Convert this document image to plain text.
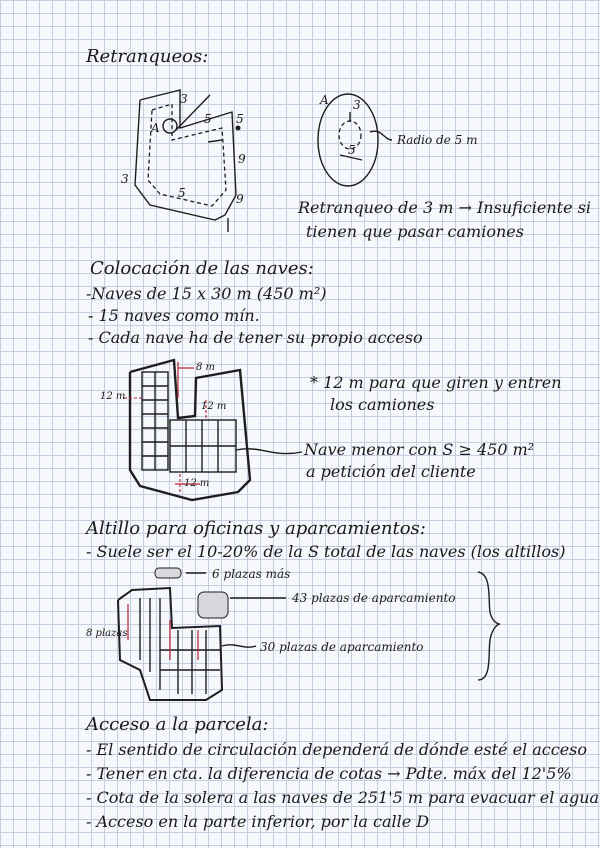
Retranqueos:
3
A
5 5
9
3
5	9
A 3
5
Radio de 5 m
Retranqueo de 3 m → Insuficiente si
tienen que pasar camiones
Colocación de las naves:
-Naves de 15 x 30 m (450 m²)
- 15 naves como mín.
- Cada nave ha de tener su propio acceso
8 m
12 m
12 m
12 m
* 12 m para que giren y entren
los camiones
Nave menor con S ≥ 450 m²
a petición del cliente
Altillo para oficinas y aparcamientos:
- Suele ser el 10-20% de la S total de las naves (los altillos)
6 plazas más
43 plazas de aparcamiento
30 plazas de aparcamiento
8 plazas
Acceso a la parcela:
- El sentido de circulación dependerá de dónde esté el acceso
- Tener en cta. la diferencia de cotas → Pdte. máx del 12'5%
- Cota de la solera a las naves de 251'5 m para evacuar el agua
- Acceso en la parte inferior, por la calle D
